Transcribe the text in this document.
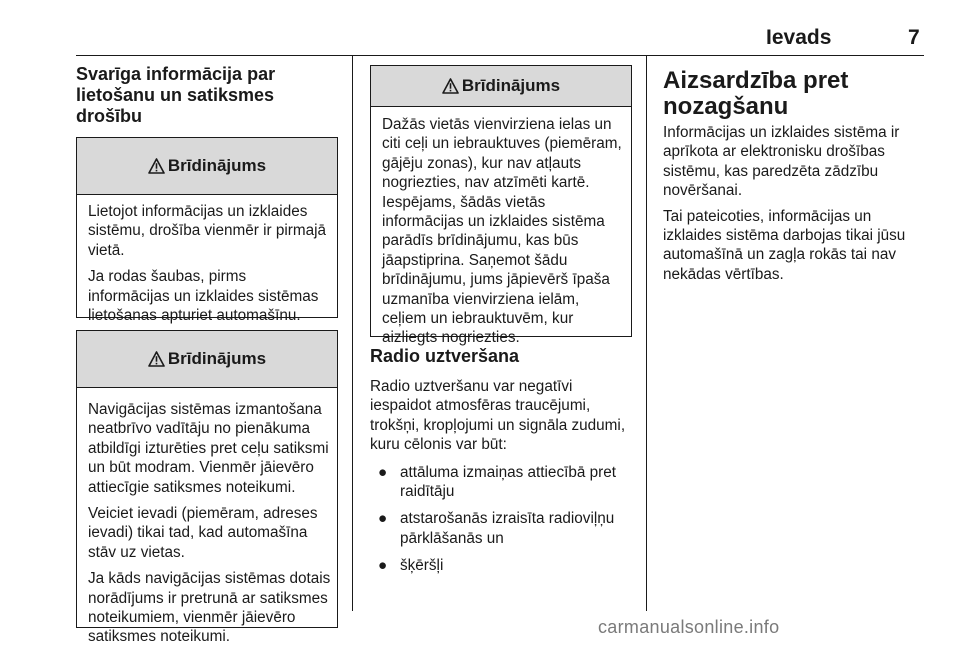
Ievads	7
Svarīga informācija par lietošanu un satiksmes drošību
Brīdinājums

Lietojot informācijas un izklaides sistēmu, drošība vienmēr ir pirmajā vietā.

Ja rodas šaubas, pirms informācijas un izklaides sistēmas lietošanas apturiet automašīnu.

Brīdinājums

Navigācijas sistēmas izmantošana neatbrīvo vadītāju no pienākuma atbildīgi izturēties pret ceļu satiksmi un būt modram. Vienmēr jāievēro attiecīgie satiksmes noteikumi.

Veiciet ievadi (piemēram, adreses ievadi) tikai tad, kad automašīna stāv uz vietas.

Ja kāds navigācijas sistēmas dotais norādījums ir pretrunā ar satiksmes noteikumiem, vienmēr jāievēro satiksmes noteikumi.

Brīdinājums

Dažās vietās vienvirziena ielas un citi ceļi un iebrauktuves (piemēram, gājēju zonas), kur nav atļauts nogriezties, nav atzīmēti kartē. Iespējams, šādās vietās informācijas un izklaides sistēma parādīs brīdinājumu, kas būs jāapstiprina. Saņemot šādu brīdinājumu, jums jāpievērš īpaša uzmanība vienvirziena ielām, ceļiem un iebrauktuvēm, kur aizliegts nogriezties.

Radio uztveršana

Radio uztveršanu var negatīvi iespaidot atmosfēras traucējumi, trokšņi, kropļojumi un signāla zudumi, kuru cēlonis var būt:

● attāluma izmaiņas attiecībā pret raidītāju
● atstarošanās izraisīta radioviļņu pārklāšanās un
● šķēršļi
Aizsardzība pret nozagšanu

Informācijas un izklaides sistēma ir aprīkota ar elektronisku drošības sistēmu, kas paredzēta zādzību novēršanai.

Tai pateicoties, informācijas un izklaides sistēma darbojas tikai jūsu automašīnā un zagļa rokās tai nav nekādas vērtības.

carmanualsonline.info
